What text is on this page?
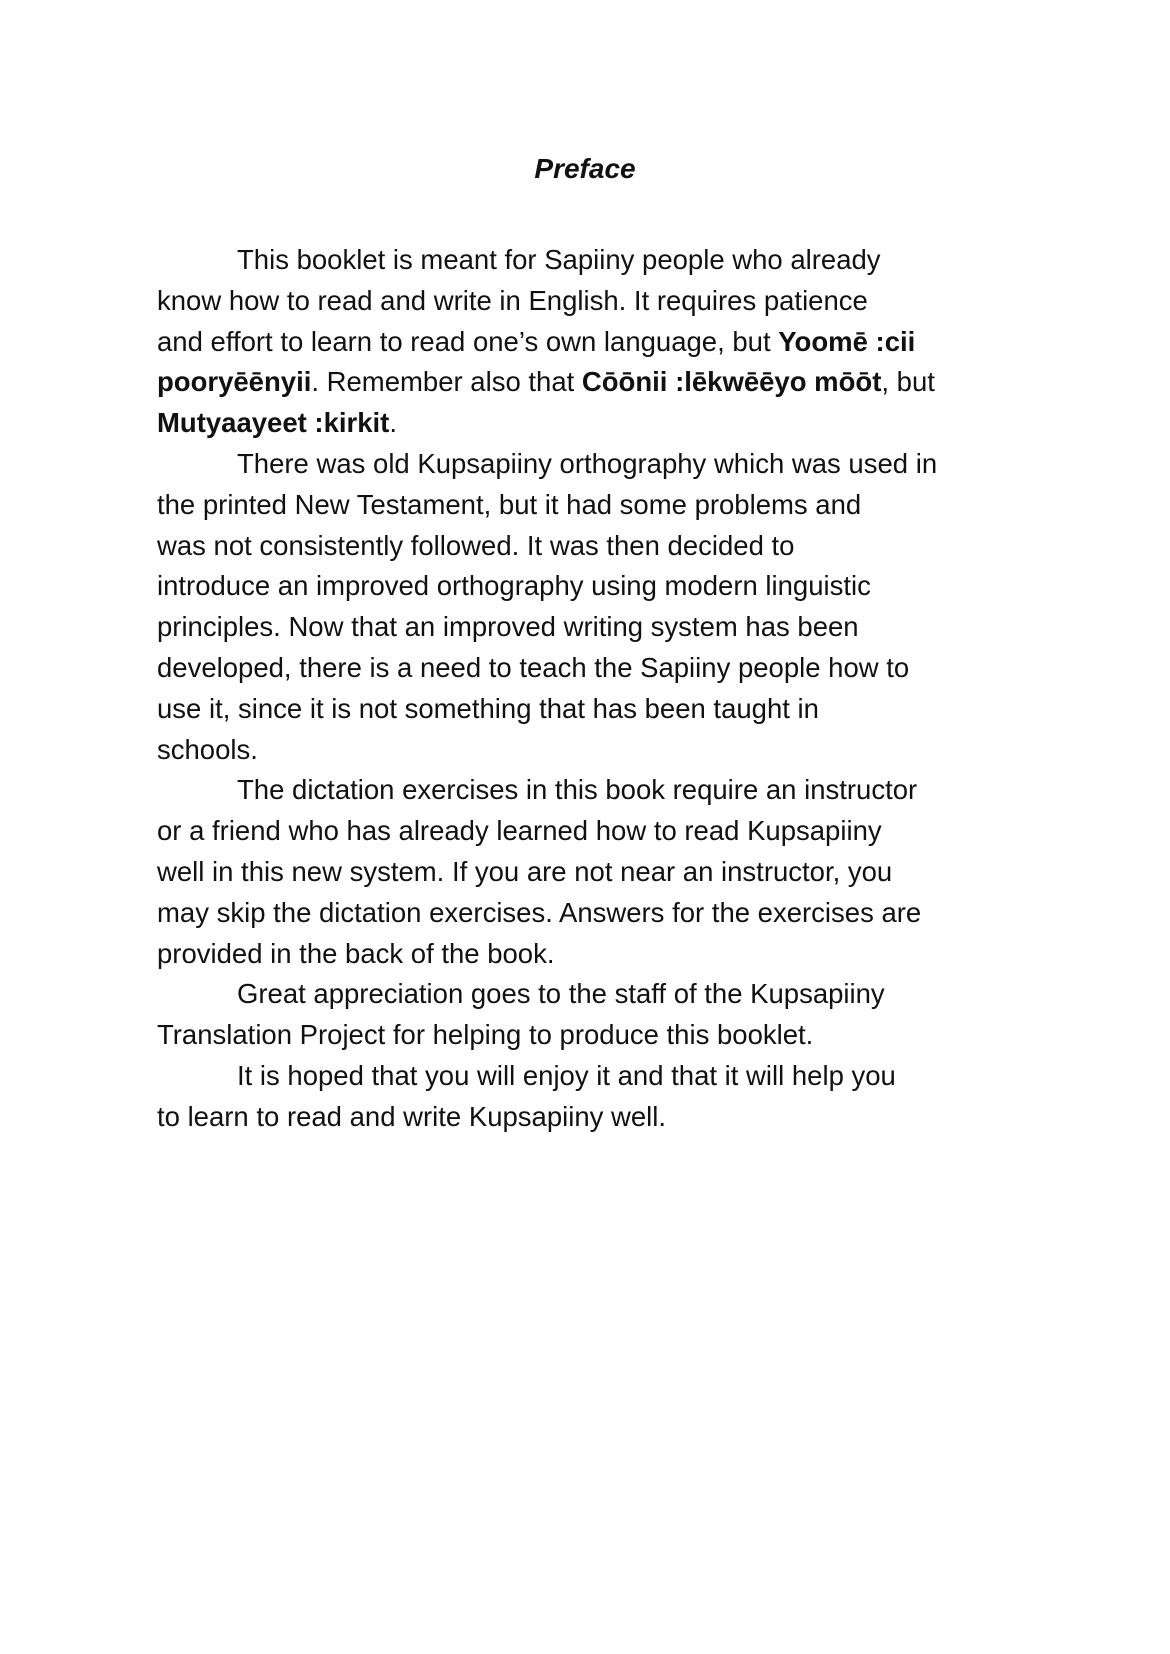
Preface
This booklet is meant for Sapiiny people who already
know how to read and write in English. It requires patience
and effort to learn to read one’s own language, but Yoomē :cii
pooryēēnyii. Remember also that Cōōnii :lēkwēēyo mōōt, but
Mutyaayeet :kirkit.
There was old Kupsapiiny orthography which was used in
the printed New Testament, but it had some problems and
was not consistently followed. It was then decided to
introduce an improved orthography using modern linguistic
principles. Now that an improved writing system has been
developed, there is a need to teach the Sapiiny people how to
use it, since it is not something that has been taught in
schools.
The dictation exercises in this book require an instructor
or a friend who has already learned how to read Kupsapiiny
well in this new system. If you are not near an instructor, you
may skip the dictation exercises. Answers for the exercises are
provided in the back of the book.
Great appreciation goes to the staff of the Kupsapiiny
Translation Project for helping to produce this booklet.
It is hoped that you will enjoy it and that it will help you
to learn to read and write Kupsapiiny well.
